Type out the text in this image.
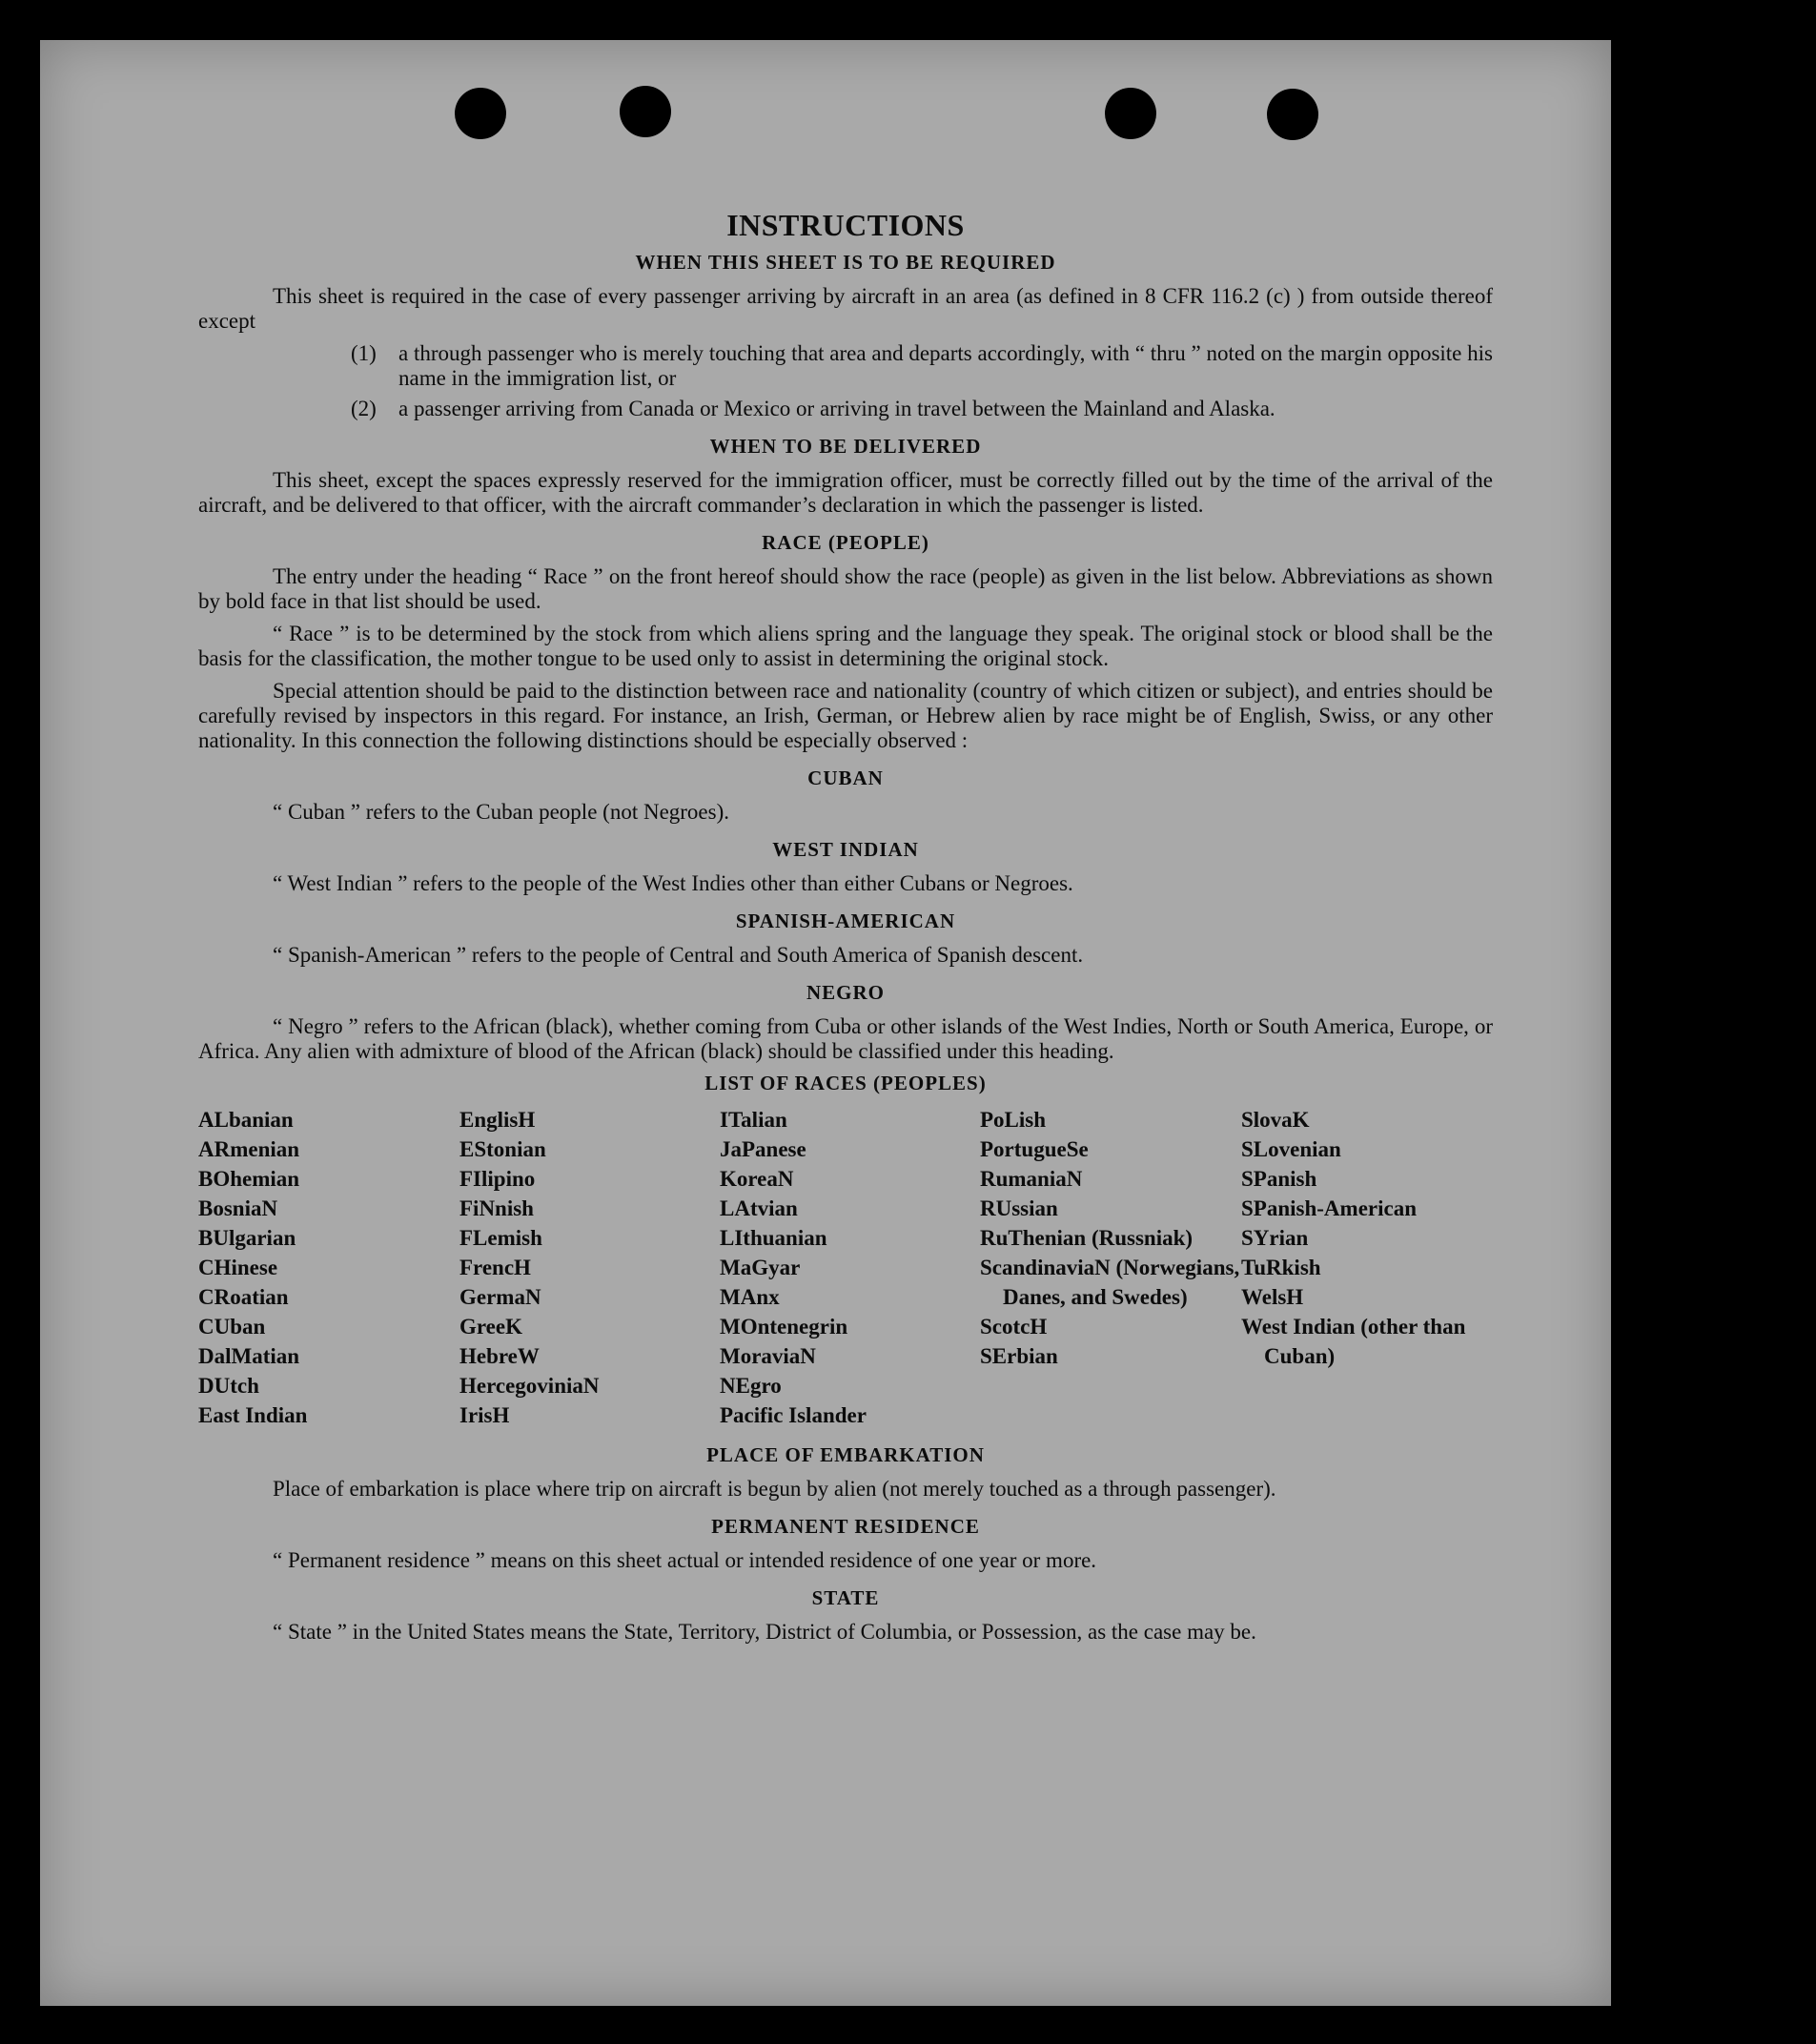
INSTRUCTIONS
WHEN THIS SHEET IS TO BE REQUIRED
This sheet is required in the case of every passenger arriving by aircraft in an area (as defined in 8 CFR 116.2 (c) ) from outside thereof except
(1) a through passenger who is merely touching that area and departs accordingly, with “ thru ” noted on the margin opposite his name in the immigration list, or
(2) a passenger arriving from Canada or Mexico or arriving in travel between the Mainland and Alaska.
WHEN TO BE DELIVERED
This sheet, except the spaces expressly reserved for the immigration officer, must be correctly filled out by the time of the arrival of the aircraft, and be delivered to that officer, with the aircraft commander’s declaration in which the passenger is listed.
RACE (PEOPLE)
The entry under the heading “ Race ” on the front hereof should show the race (people) as given in the list below. Abbreviations as shown by bold face in that list should be used.
“ Race ” is to be determined by the stock from which aliens spring and the language they speak. The original stock or blood shall be the basis for the classification, the mother tongue to be used only to assist in determining the original stock.
Special attention should be paid to the distinction between race and nationality (country of which citizen or subject), and entries should be carefully revised by inspectors in this regard. For instance, an Irish, German, or Hebrew alien by race might be of English, Swiss, or any other nationality. In this connection the following distinctions should be especially observed :
CUBAN
“ Cuban ” refers to the Cuban people (not Negroes).
WEST INDIAN
“ West Indian ” refers to the people of the West Indies other than either Cubans or Negroes.
SPANISH-AMERICAN
“ Spanish-American ” refers to the people of Central and South America of Spanish descent.
NEGRO
“ Negro ” refers to the African (black), whether coming from Cuba or other islands of the West Indies, North or South America, Europe, or Africa. Any alien with admixture of blood of the African (black) should be classified under this heading.
LIST OF RACES (PEOPLES)
ALbanian
ARmenian
BOhemian
BosniaN
BUlgarian
CHinese
CRoatian
CUban
DalMatian
DUtch
East Indian
EnglisH
EStonian
FIlipino
FiNnish
FLemish
FrencH
GermaN
GreeK
HebreW
HercegoviniaN
IrisH
ITalian
JaPanese
KoreaN
LAtvian
LIthuanian
MaGyar
MAnx
MOntenegrin
MoraviaN
NEgro
Pacific Islander
PoLish
PortugueSe
RumaniaN
RUssian
RuThenian (Russniak)
ScandinaviaN (Norwegians, Danes, and Swedes)
ScotcH
SErbian
SlovaK
SLovenian
SPanish
SPanish-American
SYrian
TuRkish
WelsH
West Indian (other than Cuban)
PLACE OF EMBARKATION
Place of embarkation is place where trip on aircraft is begun by alien (not merely touched as a through passenger).
PERMANENT RESIDENCE
“ Permanent residence ” means on this sheet actual or intended residence of one year or more.
STATE
“ State ” in the United States means the State, Territory, District of Columbia, or Possession, as the case may be.
